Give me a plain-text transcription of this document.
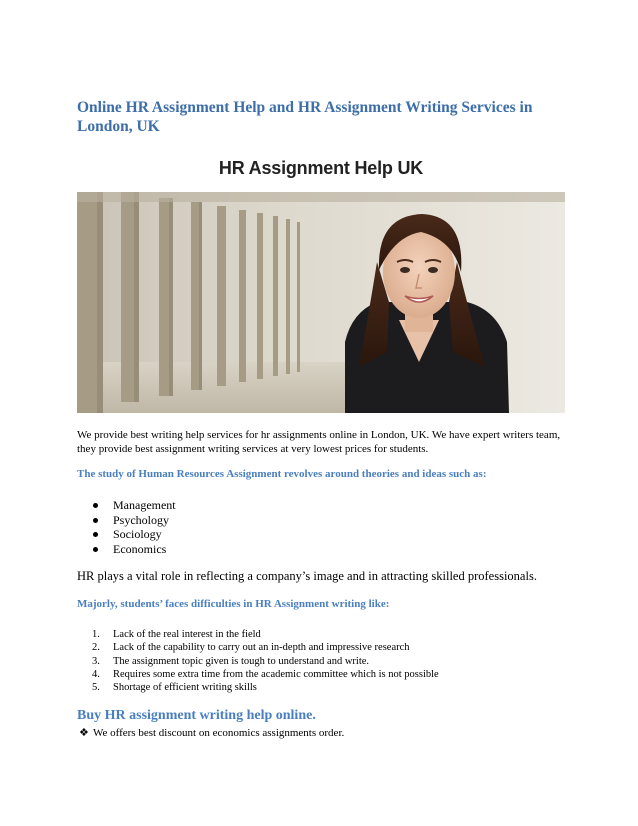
Online HR Assignment Help and HR Assignment Writing Services in London, UK
HR Assignment Help UK

We provide best writing help services for hr assignments online in London, UK. We have expert writers team, they provide best assignment writing services at very lowest prices for students.

The study of Human Resources Assignment revolves around theories and ideas such as:
Management
Psychology
Sociology
Economics

HR plays a vital role in reflecting a company’s image and in attracting skilled professionals.

Majorly, students’ faces difficulties in HR Assignment writing like:
1. Lack of the real interest in the field
2. Lack of the capability to carry out an in-depth and impressive research
3. The assignment topic given is tough to understand and write.
4. Requires some extra time from the academic committee which is not possible
5. Shortage of efficient writing skills
Buy HR assignment writing help online.

❖ We offers best discount on economics assignments order.
